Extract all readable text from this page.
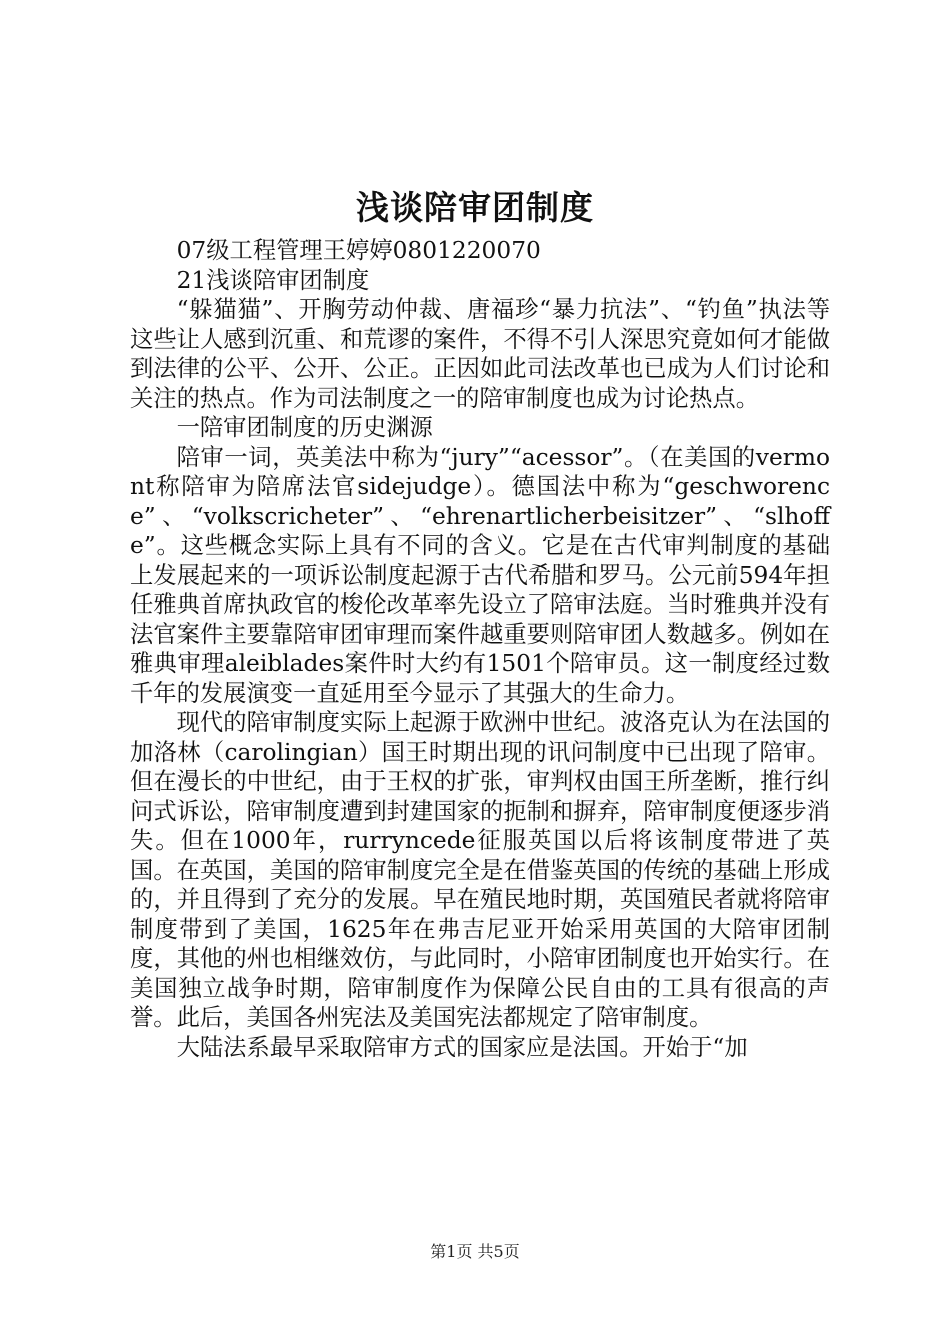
浅谈陪审团制度

07级工程管理王婷婷0801220070

21浅谈陪审团制度

“躲猫猫”、开胸劳动仲裁、唐福珍“暴力抗法”、“钓鱼”执法等这些让人感到沉重、和荒谬的案件，不得不引人深思究竟如何才能做到法律的公平、公开、公正。正因如此司法改革也已成为人们讨论和关注的热点。作为司法制度之一的陪审制度也成为讨论热点。

一陪审团制度的历史渊源

陪审一词，英美法中称为“jury”“acessor”。（在美国的vermont称陪审为陪席法官sidejudge）。德国法中称为“geschworence”、“volkscricheter”、“ehrenartlicherbeisitzer”、“slhoffe”。这些概念实际上具有不同的含义。它是在古代审判制度的基础上发展起来的一项诉讼制度起源于古代希腊和罗马。公元前594年担任雅典首席执政官的梭伦改革率先设立了陪审法庭。当时雅典并没有法官案件主要靠陪审团审理而案件越重要则陪审团人数越多。例如在雅典审理aleiblades案件时大约有1501个陪审员。这一制度经过数千年的发展演变一直延用至今显示了其强大的生命力。

现代的陪审制度实际上起源于欧洲中世纪。波洛克认为在法国的加洛林（carolingian）国王时期出现的讯问制度中已出现了陪审。但在漫长的中世纪，由于王权的扩张，审判权由国王所垄断，推行纠问式诉讼，陪审制度遭到封建国家的扼制和摒弃，陪审制度便逐步消失。但在1000年，rurryncede征服英国以后将该制度带进了英国。在英国，美国的陪审制度完全是在借鉴英国的传统的基础上形成的，并且得到了充分的发展。早在殖民地时期，英国殖民者就将陪审制度带到了美国，1625年在弗吉尼亚开始采用英国的大陪审团制度，其他的州也相继效仿，与此同时，小陪审团制度也开始实行。在美国独立战争时期，陪审制度作为保障公民自由的工具有很高的声誉。此后，美国各州宪法及美国宪法都规定了陪审制度。

大陆法系最早采取陪审方式的国家应是法国。开始于“加

第1页 共5页
